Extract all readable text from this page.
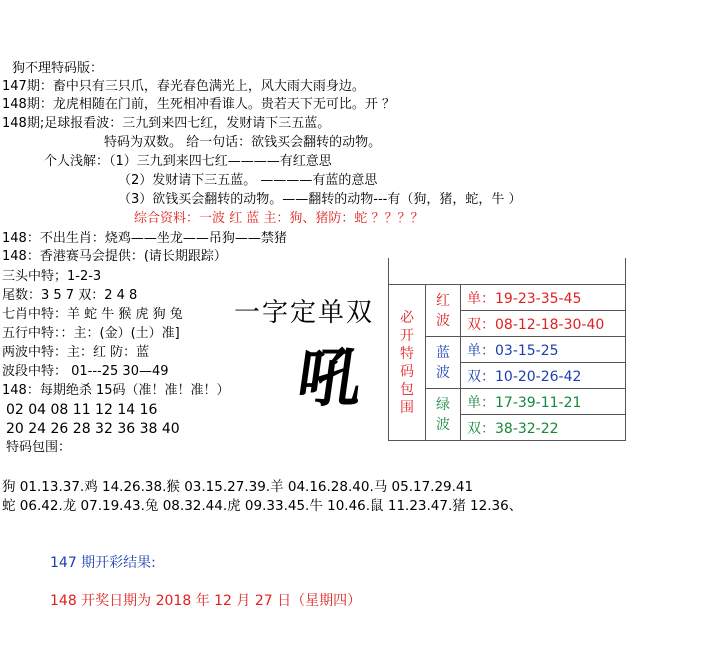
狗不理特码版：
147期：畜中只有三只爪，春光春色满光上，风大雨大雨身边。
148期：龙虎相随在门前，生死相冲看谁人。贵若天下无可比。开 ？
148期;足球报看波：三九到来四七红，发财请下三五蓝。
特码为双数。 给一句话：欲钱买会翻转的动物。
个人浅解：（1）三九到来四七红————有红意思
（2）发财请下三五蓝。 ————有蓝的意思
（3）欲钱买会翻转的动物。——翻转的动物---有（狗，猪，蛇，牛 ）
综合资料：一波 红 蓝 主：狗、猪防：蛇 ？？？？
148：不出生肖：烧鸡——坐龙——吊狗——禁猪
148：香港赛马会提供：(请长期跟踪）
三头中特；1-2-3
尾数：3 5 7 双：2 4 8
七肖中特：羊 蛇 牛 猴 虎 狗 兔
五行中特：：主：(金）(土）准]
两波中特：主：红 防：蓝
波段中特： 01---25 30—49
148：每期绝杀 15码（准！准！准！）
02 04 08 11 12 14 16
20 24 26 28 32 36 38 40
特码包围：
一字定单双
吼
必开特码包围	红波	单：19-23-35-45
		双：08-12-18-30-40

	蓝波	单：03-15-25
		双：10-20-26-42

	绿波	单：17-39-11-21
		双：38-32-22
狗 01.13.37.鸡 14.26.38.猴 03.15.27.39.羊 04.16.28.40.马 05.17.29.41
蛇 06.42.龙 07.19.43.兔 08.32.44.虎 09.33.45.牛 10.46.鼠 11.23.47.猪 12.36、
147 期开彩结果:
148 开奖日期为 2018 年 12 月 27 日（星期四）
